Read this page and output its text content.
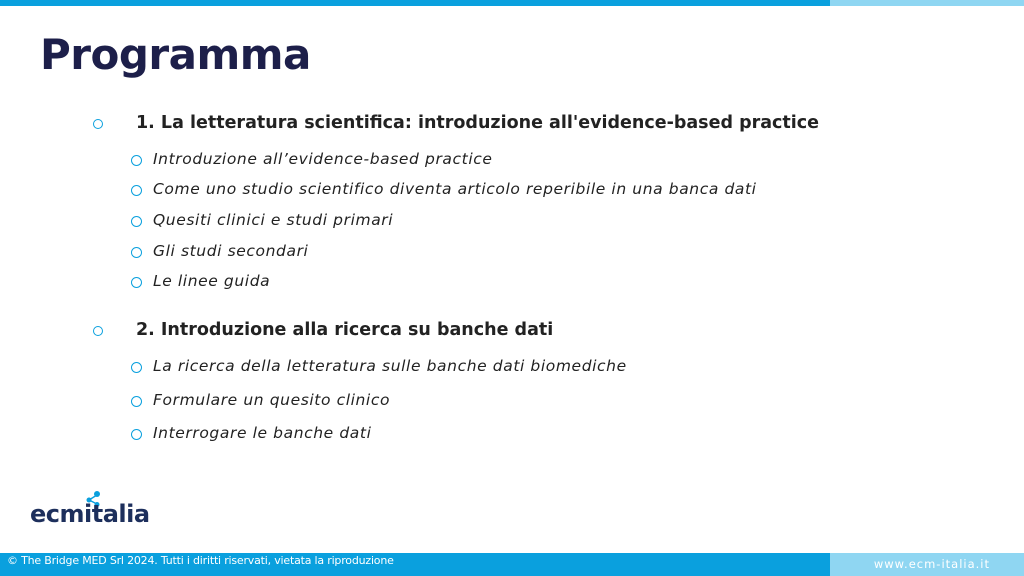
Programma
1. La letteratura scientifica: introduzione all'evidence-based practice
Introduzione all’evidence-based practice
Come uno studio scientifico diventa articolo reperibile in una banca dati
Quesiti clinici e studi primari
Gli studi secondari
Le linee guida
2. Introduzione alla ricerca su banche dati
La ricerca della letteratura sulle banche dati biomediche
Formulare un quesito clinico
Interrogare le banche dati
ecmitalia
© The Bridge MED Srl 2024. Tutti i diritti riservati, vietata la riproduzione	www.ecm-italia.it
